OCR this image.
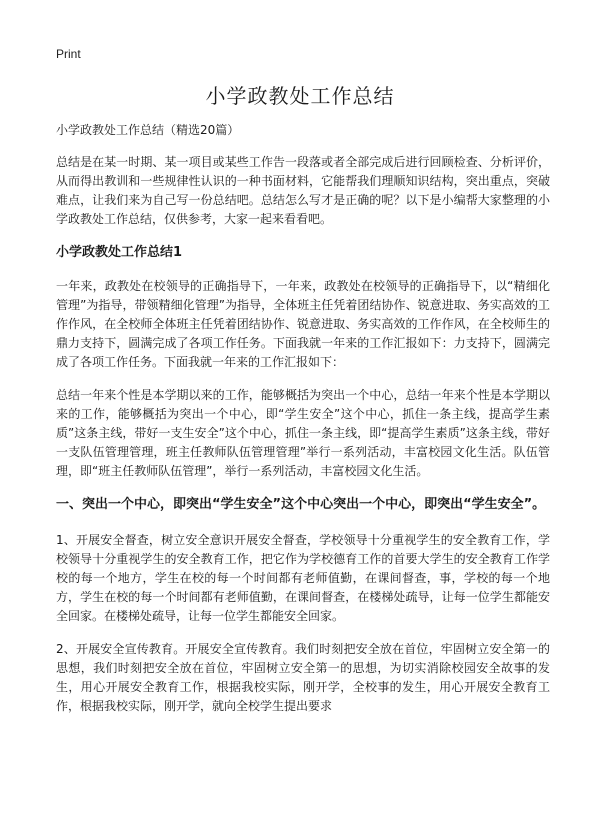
Print
小学政教处工作总结

小学政教处工作总结（精选20篇）

总结是在某一时期、某一项目或某些工作告一段落或者全部完成后进行回顾检查、分析评价，从而得出教训和一些规律性认识的一种书面材料，它能帮我们理顺知识结构，突出重点，突破难点，让我们来为自己写一份总结吧。总结怎么写才是正确的呢？以下是小编帮大家整理的小学政教处工作总结，仅供参考，大家一起来看看吧。

小学政教处工作总结1

一年来，政教处在校领导的正确指导下，一年来，政教处在校领导的正确指导下，以“精细化管理”为指导，带领精细化管理”为指导，全体班主任凭着团结协作、锐意进取、务实高效的工作作风，在全校师全体班主任凭着团结协作、锐意进取、务实高效的工作作风，在全校师生的鼎力支持下，圆满完成了各项工作任务。下面我就一年来的工作汇报如下：力支持下，圆满完成了各项工作任务。下面我就一年来的工作汇报如下：

总结一年来个性是本学期以来的工作，能够概括为突出一个中心，总结一年来个性是本学期以来的工作，能够概括为突出一个中心，即“学生安全”这个中心，抓住一条主线，提高学生素质”这条主线，带好一支生安全”这个中心，抓住一条主线，即“提高学生素质”这条主线，带好一支队伍管理管理，班主任教师队伍管理管理”举行一系列活动，丰富校园文化生活。队伍管理，即“班主任教师队伍管理”，举行一系列活动，丰富校园文化生活。

一、突出一个中心，即突出“学生安全”这个中心突出一个中心，即突出“学生安全”。

1、开展安全督查，树立安全意识开展安全督查，学校领导十分重视学生的安全教育工作，学校领导十分重视学生的安全教育工作，把它作为学校德育工作的首要大学生的安全教育工作学校的每一个地方，学生在校的每一个时间都有老师值勤，在课间督查，事，学校的每一个地方，学生在校的每一个时间都有老师值勤，在课间督查，在楼梯处疏导，让每一位学生都能安全回家。在楼梯处疏导，让每一位学生都能安全回家。

2、开展安全宣传教育。开展安全宣传教育。我们时刻把安全放在首位，牢固树立安全第一的思想，我们时刻把安全放在首位，牢固树立安全第一的思想，为切实消除校园安全故事的发生，用心开展安全教育工作，根据我校实际，刚开学，全校事的发生，用心开展安全教育工作，根据我校实际，刚开学，就向全校学生提出要求
